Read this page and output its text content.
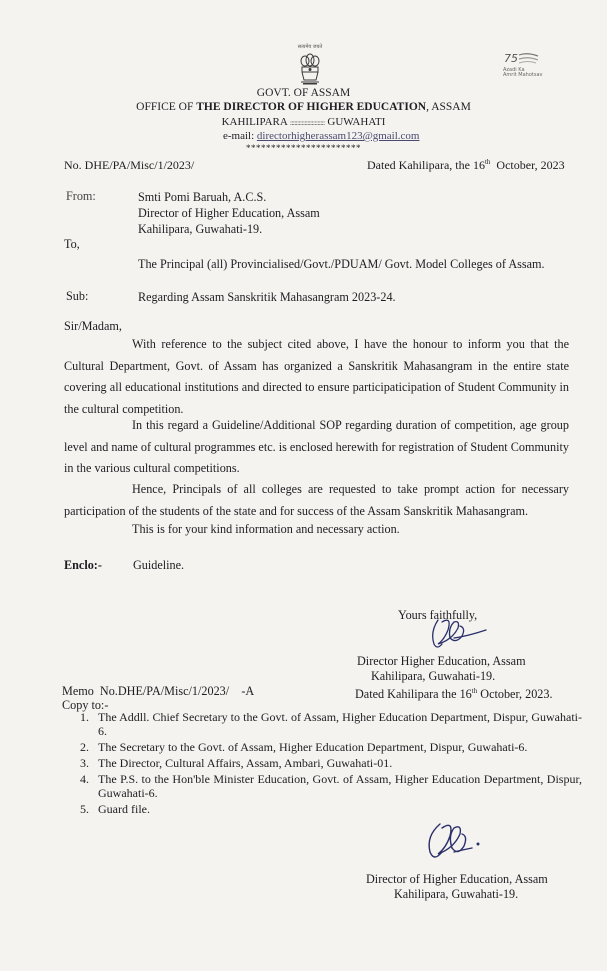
सत्यमेव जयते
75
Azadi Ka
Amrit Mahotsav
GOVT. OF ASSAM
OFFICE OF THE DIRECTOR OF HIGHER EDUCATION, ASSAM
KAHILIPARA :::::::::::::::::::::::: GUWAHATI
e-mail: directorhigherassam123@gmail.com
***********************
No. DHE/PA/Misc/1/2023/	Dated Kahilipara, the 16th October, 2023
From:	Smti Pomi Baruah, A.C.S.
Director of Higher Education, Assam
Kahilipara, Guwahati-19.
To,
The Principal (all) Provincialised/Govt./PDUAM/ Govt. Model Colleges of Assam.
Sub:	Regarding Assam Sanskritik Mahasangram 2023-24.
Sir/Madam,
With reference to the subject cited above, I have the honour to inform you that the Cultural Department, Govt. of Assam has organized a Sanskritik Mahasangram in the entire state covering all educational institutions and directed to ensure participaticipation of Student Community in the cultural competition.
In this regard a Guideline/Additional SOP regarding duration of competition, age group level and name of cultural programmes etc. is enclosed herewith for registration of Student Community in the various cultural competitions.
Hence, Principals of all colleges are requested to take prompt action for necessary participation of the students of the state and for success of the Assam Sanskritik Mahasangram.
This is for your kind information and necessary action.
Enclo:-	Guideline.
Yours faithfully,
Director Higher Education, Assam
Kahilipara, Guwahati-19.
Memo  No.DHE/PA/Misc/1/2023/    -A	Dated Kahilipara the 16th October, 2023.
Copy to:-
1. The Addll. Chief Secretary to the Govt. of Assam, Higher Education Department, Dispur, Guwahati-6.
2. The Secretary to the Govt. of Assam, Higher Education Department, Dispur, Guwahati-6.
3. The Director, Cultural Affairs, Assam, Ambari, Guwahati-01.
4. The P.S. to the Hon'ble Minister Education, Govt. of Assam, Higher Education Department, Dispur, Guwahati-6.
5. Guard file.
Director of Higher Education, Assam
Kahilipara, Guwahati-19.
